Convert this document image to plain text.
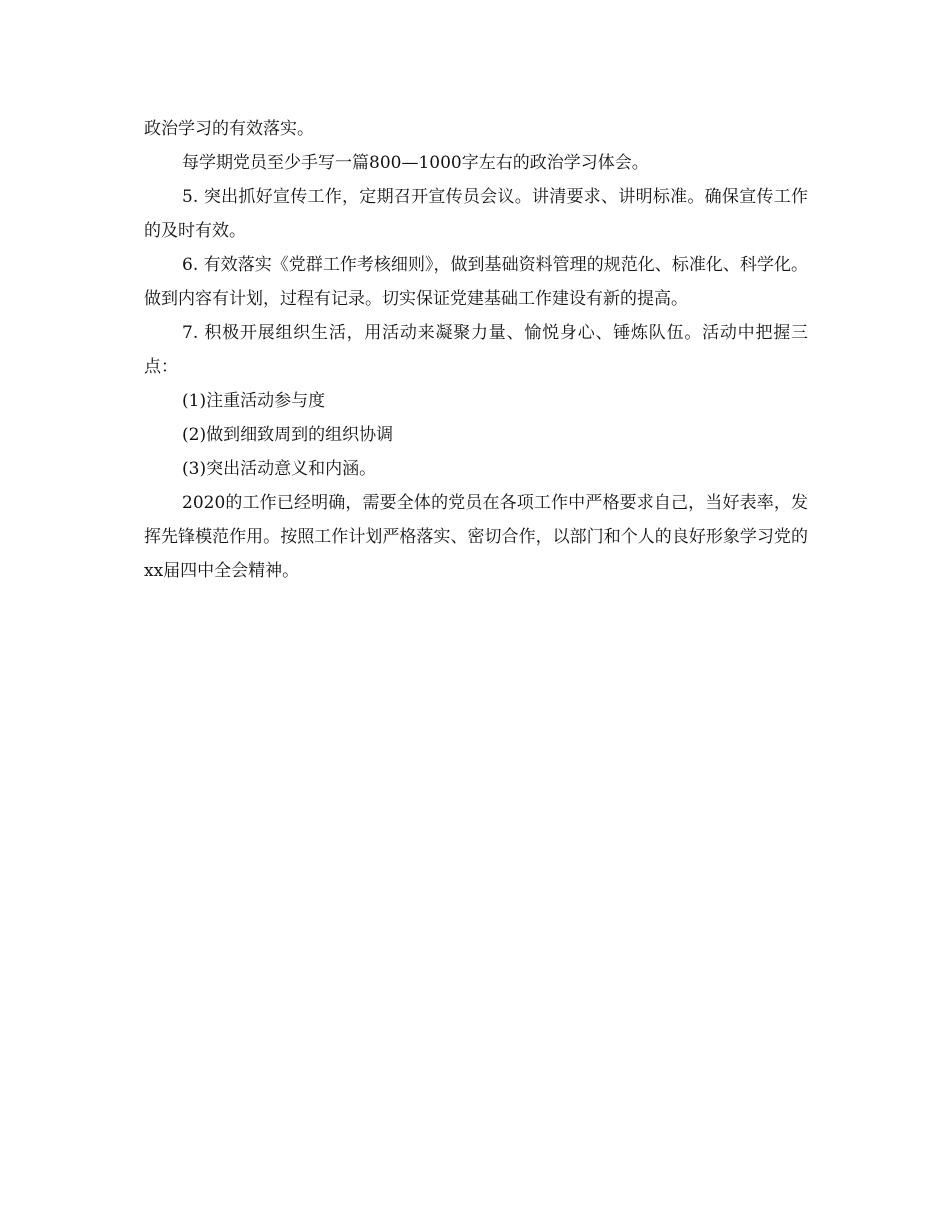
政治学习的有效落实。

每学期党员至少手写一篇800—1000字左右的政治学习体会。

5. 突出抓好宣传工作，定期召开宣传员会议。讲清要求、讲明标准。确保宣传工作的及时有效。

6. 有效落实《党群工作考核细则》，做到基础资料管理的规范化、标准化、科学化。做到内容有计划，过程有记录。切实保证党建基础工作建设有新的提高。

7. 积极开展组织生活，用活动来凝聚力量、愉悦身心、锤炼队伍。活动中把握三点：

(1)注重活动参与度

(2)做到细致周到的组织协调

(3)突出活动意义和内涵。

2020的工作已经明确，需要全体的党员在各项工作中严格要求自己，当好表率，发挥先锋模范作用。按照工作计划严格落实、密切合作，以部门和个人的良好形象学习党的xx届四中全会精神。
